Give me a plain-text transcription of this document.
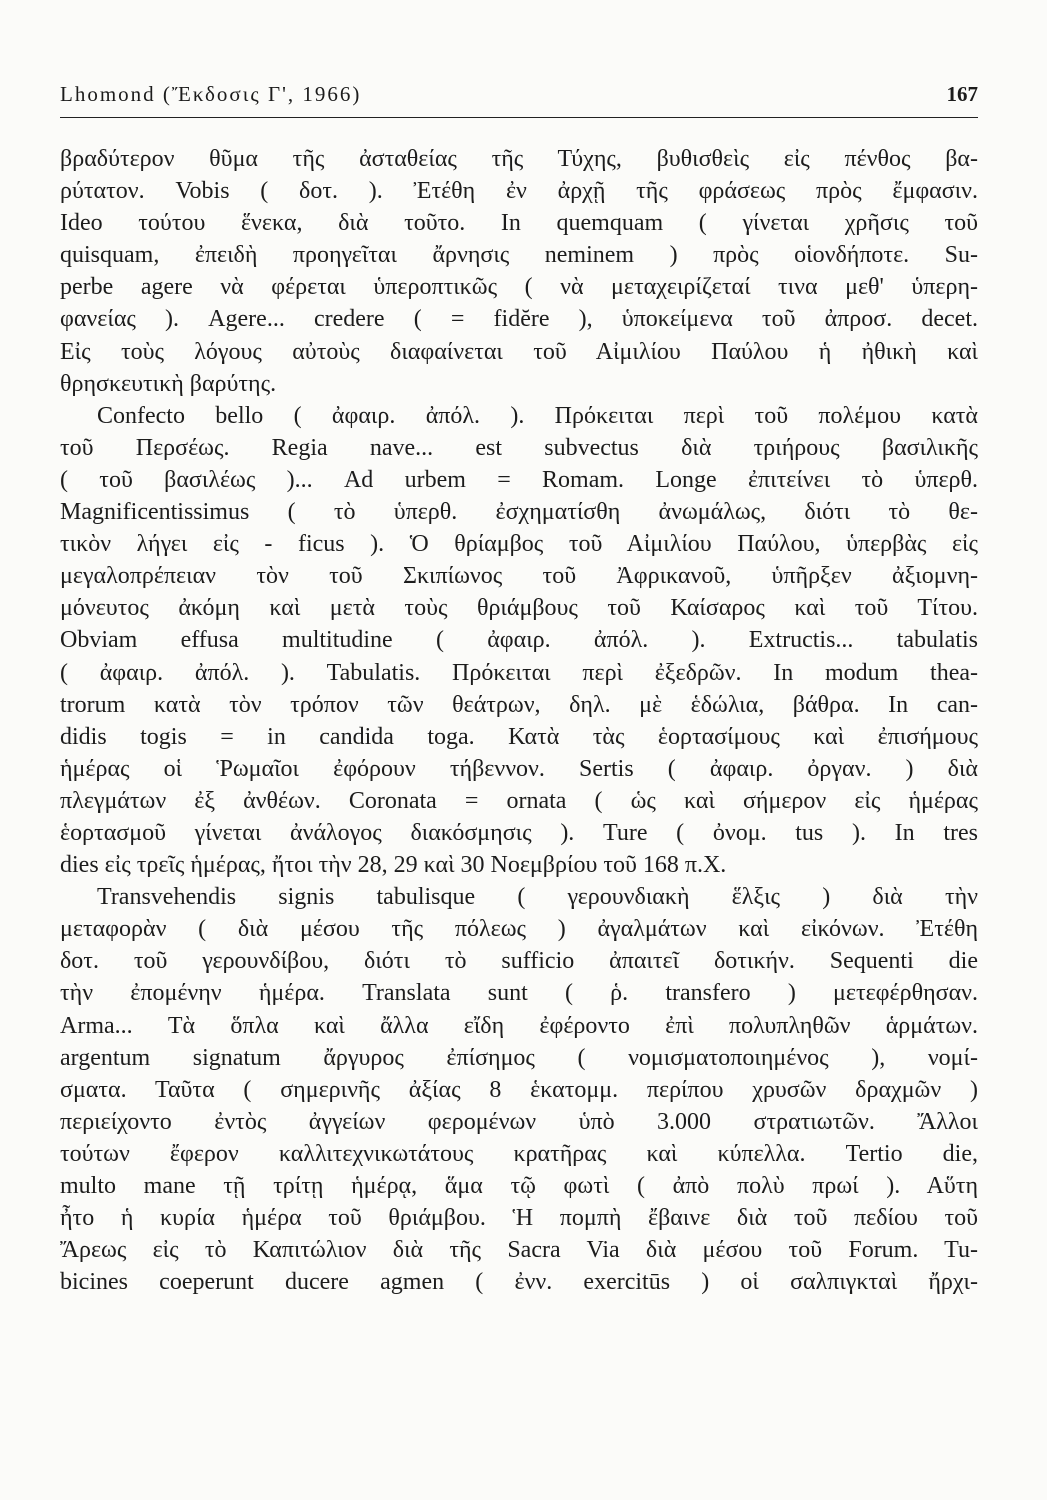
Lhomond (Ἔκδοσις Γ', 1966)	167
βραδύτερον θῦμα τῆς ἀσταθείας τῆς Τύχης, βυθισθεὶς εἰς πένθος βα-
ρύτατον. Vobis ( δοτ. ). Ἐτέθη ἐν ἀρχῇ τῆς φράσεως πρὸς ἔμφασιν.
Ideo τούτου ἕνεκα, διὰ τοῦτο. In quemquam ( γίνεται χρῆσις τοῦ
quisquam, ἐπειδὴ προηγεῖται ἄρνησις neminem ) πρὸς οἱονδήποτε. Su-
perbe agere νὰ φέρεται ὑπεροπτικῶς ( νὰ μεταχειρίζεταί τινα μεθ' ὑπερη-
φανείας ). Agere... credere ( = fidĕre ), ὑποκείμενα τοῦ ἀπροσ. decet.
Εἰς τοὺς λόγους αὐτοὺς διαφαίνεται τοῦ Αἰμιλίου Παύλου ἡ ἠθικὴ καὶ
θρησκευτικὴ βαρύτης.
Confecto bello ( ἀφαιρ. ἀπόλ. ). Πρόκειται περὶ τοῦ πολέμου κατὰ
τοῦ Περσέως. Regia nave... est subvectus διὰ τριήρους βασιλικῆς
( τοῦ βασιλέως )... Ad urbem = Romam. Longe ἐπιτείνει τὸ ὑπερθ.
Magnificentissimus ( τὸ ὑπερθ. ἐσχηματίσθη ἀνωμάλως, διότι τὸ θε-
τικὸν λήγει εἰς - ficus ). Ὁ θρίαμβος τοῦ Αἰμιλίου Παύλου, ὑπερβὰς εἰς
μεγαλοπρέπειαν τὸν τοῦ Σκιπίωνος τοῦ Ἀφρικανοῦ, ὑπῆρξεν ἀξιομνη-
μόνευτος ἀκόμη καὶ μετὰ τοὺς θριάμβους τοῦ Καίσαρος καὶ τοῦ Τίτου.
Obviam effusa multitudine ( ἀφαιρ. ἀπόλ. ). Extructis... tabulatis
( ἀφαιρ. ἀπόλ. ). Tabulatis. Πρόκειται περὶ ἐξεδρῶν. In modum thea-
trorum κατὰ τὸν τρόπον τῶν θεάτρων, δηλ. μὲ ἑδώλια, βάθρα. In can-
didis togis = in candida toga. Κατὰ τὰς ἑορτασίμους καὶ ἐπισήμους
ἡμέρας οἱ Ῥωμαῖοι ἐφόρουν τήβεννον. Sertis ( ἀφαιρ. ὀργαν. ) διὰ
πλεγμάτων ἐξ ἀνθέων. Coronata = ornata ( ὡς καὶ σήμερον εἰς ἡμέρας
ἑορτασμοῦ γίνεται ἀνάλογος διακόσμησις ). Ture ( ὀνομ. tus ). In tres
dies εἰς τρεῖς ἡμέρας, ἤτοι τὴν 28, 29 καὶ 30 Νοεμβρίου τοῦ 168 π.Χ.
Transvehendis signis tabulisque ( γερουνδιακὴ ἕλξις ) διὰ τὴν
μεταφορὰν ( διὰ μέσου τῆς πόλεως ) ἀγαλμάτων καὶ εἰκόνων. Ἐτέθη
δοτ. τοῦ γερουνδίβου, διότι τὸ sufficio ἀπαιτεῖ δοτικήν. Sequenti die
τὴν ἐπομένην ἡμέρα. Translata sunt ( ῥ. transfero ) μετεφέρθησαν.
Arma... Τὰ ὅπλα καὶ ἄλλα εἴδη ἐφέροντο ἐπὶ πολυπληθῶν ἁρμάτων.
argentum signatum ἄργυρος ἐπίσημος ( νομισματοποιημένος ), νομί-
σματα. Ταῦτα ( σημερινῆς ἀξίας 8 ἑκατομμ. περίπου χρυσῶν δραχμῶν )
περιείχοντο ἐντὸς ἀγγείων φερομένων ὑπὸ 3.000 στρατιωτῶν. Ἄλλοι
τούτων ἔφερον καλλιτεχνικωτάτους κρατῆρας καὶ κύπελλα. Tertio die,
multo mane τῇ τρίτῃ ἡμέρᾳ, ἅμα τῷ φωτὶ ( ἀπὸ πολὺ πρωί ). Αὕτη
ἦτο ἡ κυρία ἡμέρα τοῦ θριάμβου. Ἡ πομπὴ ἔβαινε διὰ τοῦ πεδίου τοῦ
Ἄρεως εἰς τὸ Καπιτώλιον διὰ τῆς Sacra Via διὰ μέσου τοῦ Forum. Tu-
bicines coeperunt ducere agmen ( ἐνν. exercitūs ) οἱ σαλπιγκταὶ ἤρχι-
